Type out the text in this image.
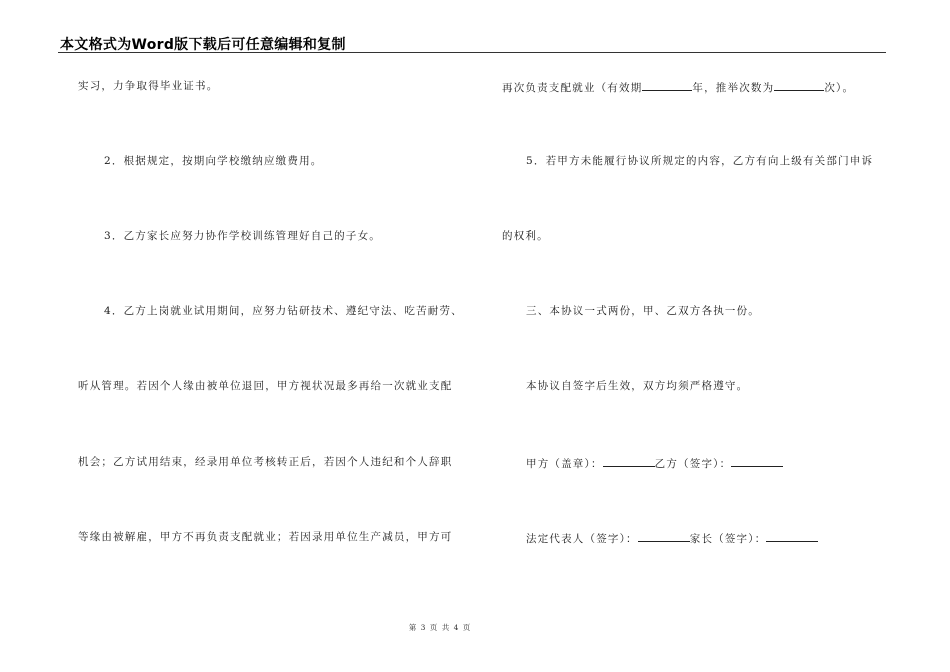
本文格式为Word版下载后可任意编辑和复制
实习，力争取得毕业证书。
2．根据规定，按期向学校缴纳应缴费用。
3．乙方家长应努力协作学校训练管理好自己的子女。
4．乙方上岗就业试用期间，应努力钻研技术、遵纪守法、吃苦耐劳、
听从管理。若因个人缘由被单位退回，甲方视状况最多再给一次就业支配
机会；乙方试用结束，经录用单位考核转正后，若因个人违纪和个人辞职
等缘由被解雇，甲方不再负责支配就业；若因录用单位生产减员，甲方可
再次负责支配就业（有效期	年，推举次数为	次）。
5．若甲方未能履行协议所规定的内容，乙方有向上级有关部门申诉
的权利。
三、本协议一式两份，甲、乙双方各执一份。
本协议自签字后生效，双方均须严格遵守。
甲方（盖章）：	乙方（签字）：
法定代表人（签字）：	家长（签字）：
第 3 页 共 4 页
